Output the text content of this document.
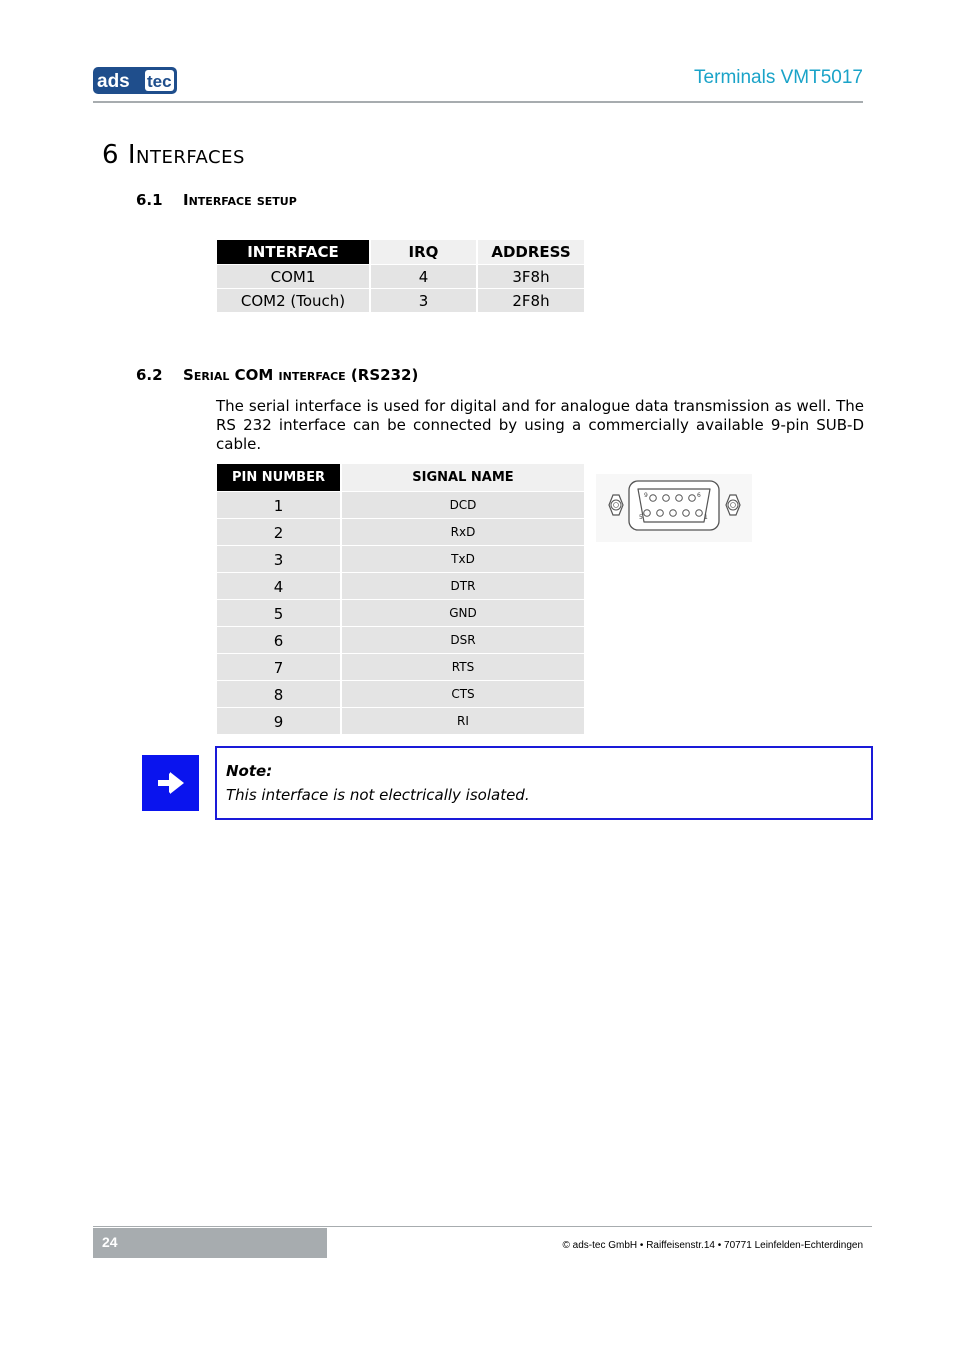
ads tec	Terminals VMT5017
6 Interfaces
6.1 Interface setup
INTERFACE	IRQ	ADDRESS
COM1	4	3F8h
COM2 (Touch)	3	2F8h
6.2 Serial COM interface (RS232)
The serial interface is used for digital and for analogue data transmission as well. The RS 232 interface can be connected by using a commercially available 9-pin SUB-D cable.
PIN NUMBER	SIGNAL NAME
1	DCD
2	RxD
3	TxD
4	DTR
5	GND
6	DSR
7	RTS
8	CTS
9	RI
9	6
5	1
Note:
This interface is not electrically isolated.
24	© ads-tec GmbH • Raiffeisenstr.14 • 70771 Leinfelden-Echterdingen
